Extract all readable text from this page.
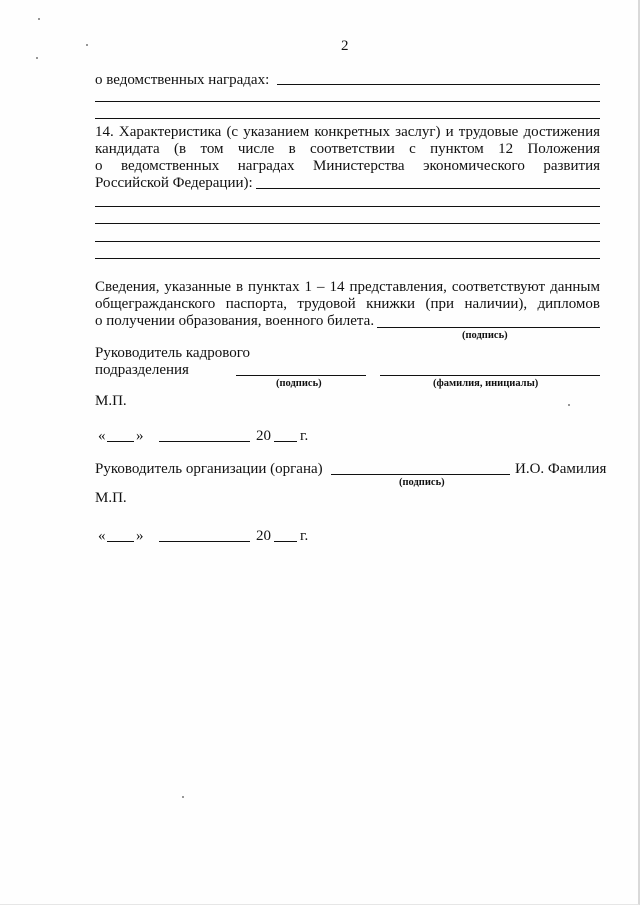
2
о ведомственных наградах:
14. Характеристика (с указанием конкретных заслуг) и трудовые достижения
кандидата (в том числе в соответствии с пунктом 12 Положения
о ведомственных наградах Министерства экономического развития
Российской Федерации):
Сведения, указанные в пунктах 1 – 14 представления, соответствуют данным
общегражданского паспорта, трудовой книжки (при наличии), дипломов
о получении образования, военного билета.
(подпись)
Руководитель кадрового
подразделения
(подпись)	(фамилия, инициалы)
М.П.
« »	20 г.
Руководитель организации (органа)	И.О. Фамилия
(подпись)
М.П.
« »	20 г.
